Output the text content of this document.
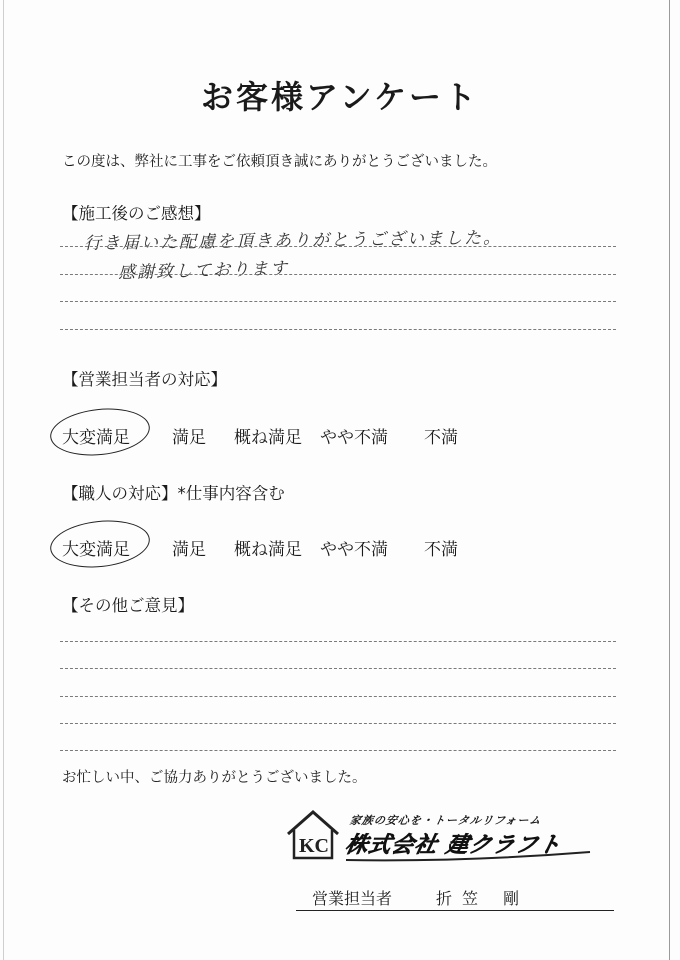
お客様アンケート
この度は、弊社に工事をご依頼頂き誠にありがとうございました。
【施工後のご感想】
行き届いた配慮を頂きありがとうございました。
感謝致しております
【営業担当者の対応】
大変満足 満足 概ね満足 やや不満 不満
【職人の対応】*仕事内容含む
大変満足 満足 概ね満足 やや不満 不満
【その他ご意見】
お忙しい中、ご協力ありがとうございました。
KC
家族の安心を・トータルリフォーム
株式会社 建クラフト
営業担当者	折笠 剛
